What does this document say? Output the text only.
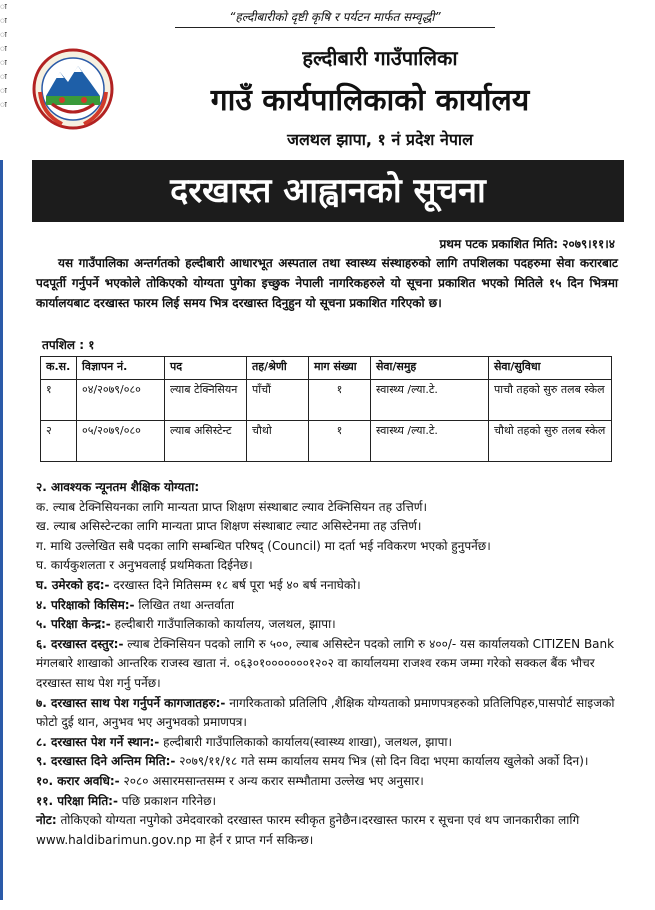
ा
ा
ा
ा
ा
ा
ा
ा
“हल्दीबारीको दृष्टी कृषि र पर्यटन मार्फत सम्वृद्धी”
हल्दीबारी गाउँपालिका
गाउँ कार्यपालिकाको कार्यालय
जलथल झापा, १ नं प्रदेश नेपाल
दरखास्त आह्वानको सूचना
प्रथम पटक प्रकाशित मिति: २०७९।११।४
यस गाउँपालिका अन्तर्गतको हल्दीबारी आधारभूत अस्पताल तथा स्वास्थ्य संस्थाहरुको लागि तपशिलका पदहरुमा सेवा करारबाट पदपूर्ती गर्नुपर्ने भएकोले तोकिएको योग्यता पुगेका इच्छुक नेपाली नागरिकहरुले यो सूचना प्रकाशित भएको मितिले १५ दिन भित्रमा कार्यालयबाट दरखास्त फारम लिई समय भित्र दरखास्त दिनुहुन यो सूचना प्रकाशित गरिएको छ।
तपशिल : १
क.स.	विज्ञापन नं.	पद	तह/श्रेणी	माग संख्या	सेवा/समुह	सेवा/सुविधा
१	०४/२०७९/०८०	ल्याब टेक्निसियन	पाँचौं	१	स्वास्थ्य /ल्या.टे.	पाचौ तहको सुरु तलब स्केल
२	०५/२०७९/०८०	ल्याब असिस्टेन्ट	चौथो	१	स्वास्थ्य /ल्या.टे.	चौथो तहको सुरु तलब स्केल
२. आवश्यक न्यूनतम शैक्षिक योग्यता:
क. ल्याब टेक्निसियनका लागि मान्यता प्राप्त शिक्षण संस्थाबाट ल्याव टेक्निसियन तह उत्तिर्ण।
ख. ल्याब असिस्टेन्टका लागि मान्यता प्राप्त शिक्षण संस्थाबाट ल्याट असिस्टेनमा तह उत्तिर्ण।
ग. माथि उल्लेखित सबै पदका लागि सम्बन्धित परिषद् (Council) मा दर्ता भई नविकरण भएको हुनुपर्नेछ।
घ. कार्यकुशलता र अनुभवलाई प्रथमिकता दिईनेछ।
घ. उमेरको हद:- दरखास्त दिने मितिसम्म १८ बर्ष पूरा भई ४० बर्ष ननाघेको।
४. परिक्षाको किसिम:- लिखित तथा अन्तर्वाता
५. परिक्षा केन्द्र:- हल्दीबारी गाउँपालिकाको कार्यालय, जलथल, झापा।
६. दरखास्त दस्तुर:- ल्याब टेक्निसियन पदको लागि रु ५००, ल्याब असिस्टेन पदको लागि रु ४००/- यस कार्यालयको CITIZEN Bank मंगलबारे शाखाको आन्तरिक राजस्व खाता नं. ०६३०१०००००००१२०२ वा कार्यालयमा राजश्व रकम जम्मा गरेको सक्कल बैंक भौचर दरखास्त साथ पेश गर्नु पर्नेछ।
७. दरखास्त साथ पेश गर्नुपर्ने कागजातहरु:- नागरिकताको प्रतिलिपि ,शैक्षिक योग्यताको प्रमाणपत्रहरुको प्रतिलिपिहरु,पासपोर्ट साइजको फोटो दुई थान, अनुभव भए अनुभवको प्रमाणपत्र।
८. दरखास्त पेश गर्ने स्थान:- हल्दीबारी गाउँपालिकाको कार्यालय(स्वास्थ्य शाखा), जलथल, झापा।
९. दरखास्त दिने अन्तिम मिति:- २०७९/११/१८ गते सम्म कार्यालय समय भित्र (सो दिन विदा भएमा कार्यालय खुलेको अर्को दिन)।
१०. करार अवधि:- २०८० असारमसान्तसम्म र अन्य करार सम्भौतामा उल्लेख भए अनुसार।
११. परिक्षा मिति:- पछि प्रकाशन गरिनेछ।
नोट: तोकिएको योग्यता नपुगेको उमेदवारको दरखास्त फारम स्वीकृत हुनेछैन।दरखास्त फारम र सूचना एवं थप जानकारीका लागि www.haldibarimun.gov.np मा हेर्न र प्राप्त गर्न सकिन्छ।
